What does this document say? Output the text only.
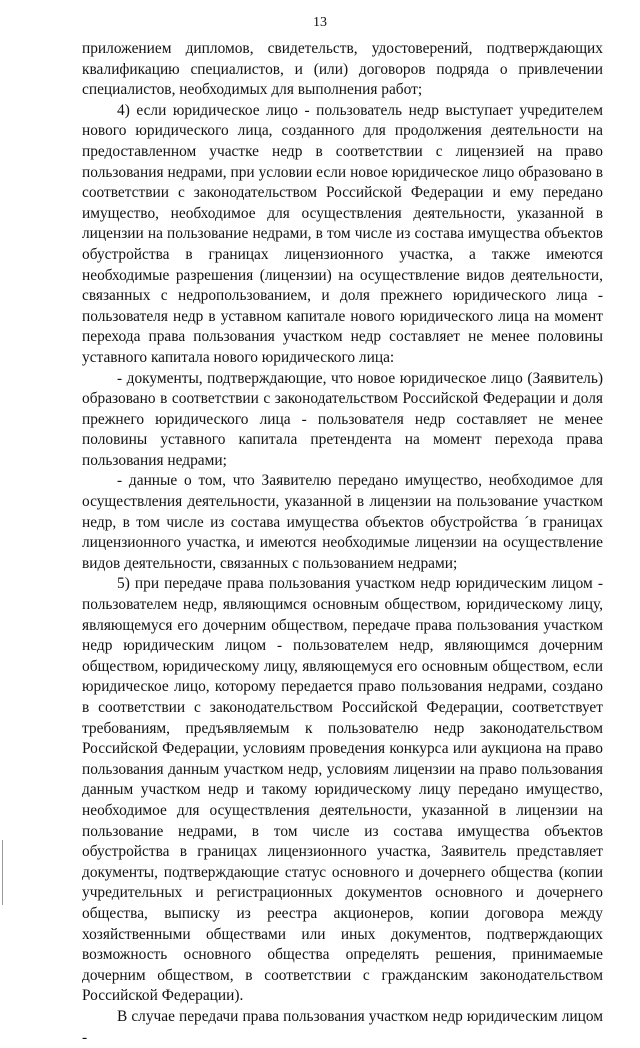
13

приложением дипломов, свидетельств, удостоверений, подтверждающих квалификацию специалистов, и (или) договоров подряда о привлечении специалистов, необходимых для выполнения работ;

4) если юридическое лицо - пользователь недр выступает учредителем нового юридического лица, созданного для продолжения деятельности на предоставленном участке недр в соответствии с лицензией на право пользования недрами, при условии если новое юридическое лицо образовано в соответствии с законодательством Российской Федерации и ему передано имущество, необходимое для осуществления деятельности, указанной в лицензии на пользование недрами, в том числе из состава имущества объектов обустройства в границах лицензионного участка, а также имеются необходимые разрешения (лицензии) на осуществление видов деятельности, связанных с недропользованием, и доля прежнего юридического лица - пользователя недр в уставном капитале нового юридического лица на момент перехода права пользования участком недр составляет не менее половины уставного капитала нового юридического лица:

- документы, подтверждающие, что новое юридическое лицо (Заявитель) образовано в соответствии с законодательством Российской Федерации и доля прежнего юридического лица - пользователя недр составляет не менее половины уставного капитала претендента на момент перехода права пользования недрами;

- данные о том, что Заявителю передано имущество, необходимое для осуществления деятельности, указанной в лицензии на пользование участком недр, в том числе из состава имущества объектов обустройства ´в границах лицензионного участка, и имеются необходимые лицензии на осуществление видов деятельности, связанных с пользованием недрами;

5) при передаче права пользования участком недр юридическим лицом - пользователем недр, являющимся основным обществом, юридическому лицу, являющемуся его дочерним обществом, передаче права пользования участком недр юридическим лицом - пользователем недр, являющимся дочерним обществом, юридическому лицу, являющемуся его основным обществом, если юридическое лицо, которому передается право пользования недрами, создано в соответствии с законодательством Российской Федерации, соответствует требованиям, предъявляемым к пользователю недр законодательством Российской Федерации, условиям проведения конкурса или аукциона на право пользования данным участком недр, условиям лицензии на право пользования данным участком недр и такому юридическому лицу передано имущество, необходимое для осуществления деятельности, указанной в лицензии на пользование недрами, в том числе из состава имущества объектов обустройства в границах лицензионного участка, Заявитель представляет документы, подтверждающие статус основного и дочернего общества (копии учредительных и регистрационных документов основного и дочернего общества, выписку из реестра акционеров, копии договора между хозяйственными обществами или иных документов, подтверждающих возможность основного общества определять решения, принимаемые дочерним обществом, в соответствии с гражданским законодательством Российской Федерации).

В случае передачи права пользования участком недр юридическим лицом -
